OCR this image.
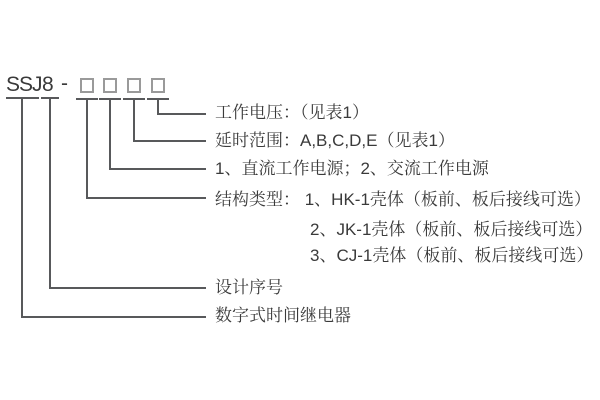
SSJ 8 -
工作电压：（见表1）
延时范围：A,B,C,D,E（见表1）
1、直流工作电源；2、交流工作电源
结构类型： 1、HK-1壳体（板前、板后接线可选）
2、JK-1壳体（板前、板后接线可选）
3、CJ-1壳体（板前、板后接线可选）
设计序号
数字式时间继电器
